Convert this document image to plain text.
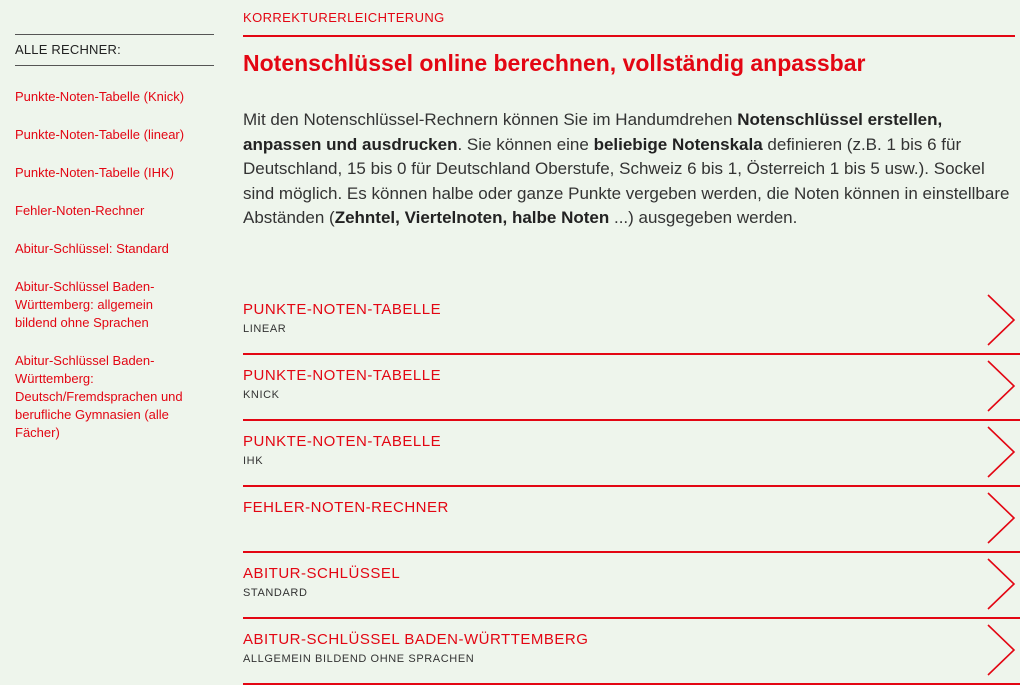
ALLE RECHNER:
Punkte-Noten-Tabelle (Knick)
Punkte-Noten-Tabelle (linear)
Punkte-Noten-Tabelle (IHK)
Fehler-Noten-Rechner
Abitur-Schlüssel: Standard
Abitur-Schlüssel Baden-Württemberg: allgemein bildend ohne Sprachen
Abitur-Schlüssel Baden-Württemberg: Deutsch/Fremdsprachen und berufliche Gymnasien (alle Fächer)
KORREKTURERLEICHTERUNG
Notenschlüssel online berechnen, vollständig anpassbar

Mit den Notenschlüssel-Rechnern können Sie im Handumdrehen Notenschlüssel erstellen, anpassen und ausdrucken. Sie können eine beliebige Notenskala definieren (z.B. 1 bis 6 für Deutschland, 15 bis 0 für Deutschland Oberstufe, Schweiz 6 bis 1, Österreich 1 bis 5 usw.). Sockel sind möglich. Es können halbe oder ganze Punkte vergeben werden, die Noten können in einstellbare Abständen (Zehntel, Viertelnoten, halbe Noten ...) ausgegeben werden.

PUNKTE-NOTEN-TABELLE
LINEAR
PUNKTE-NOTEN-TABELLE
KNICK
PUNKTE-NOTEN-TABELLE
IHK
FEHLER-NOTEN-RECHNER
ABITUR-SCHLÜSSEL
STANDARD
ABITUR-SCHLÜSSEL BADEN-WÜRTTEMBERG
ALLGEMEIN BILDEND OHNE SPRACHEN
